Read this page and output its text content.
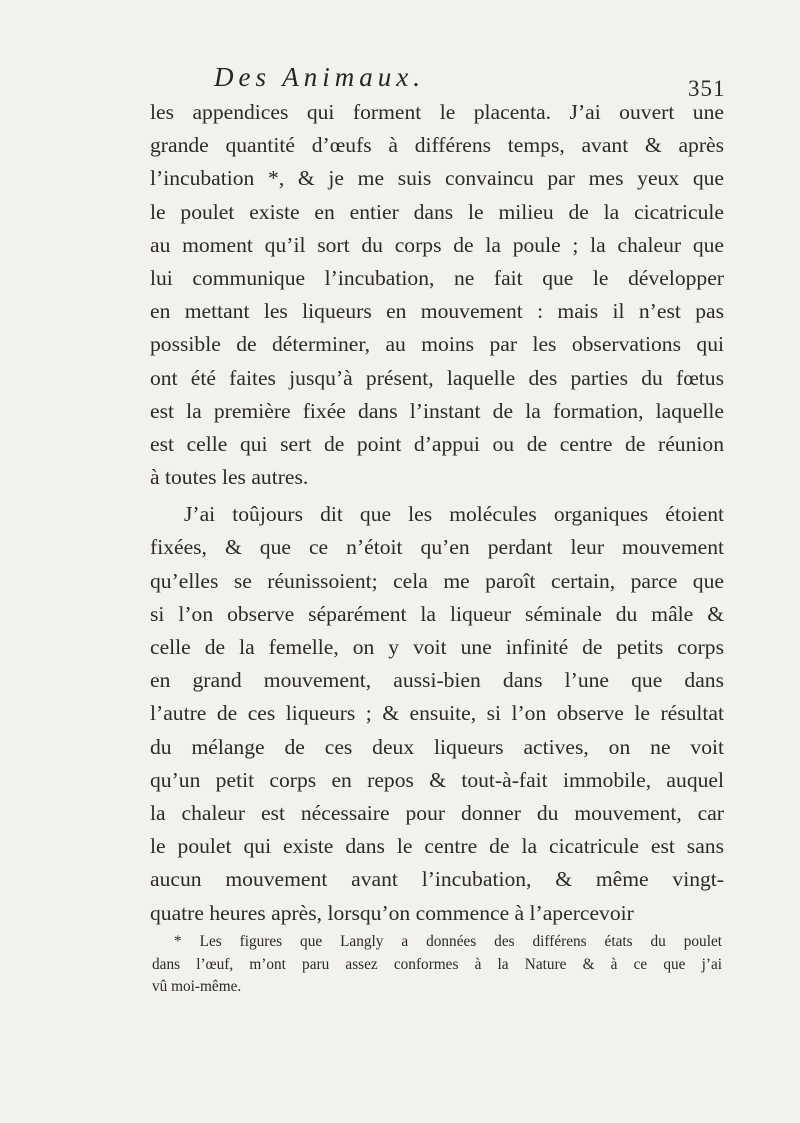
Des Animaux.	351
les appendices qui forment le placenta. J’ai ouvert une
grande quantité d’œufs à différens temps, avant & après
l’incubation *, & je me suis convaincu par mes yeux que
le poulet existe en entier dans le milieu de la cicatricule
au moment qu’il sort du corps de la poule ; la chaleur que
lui communique l’incubation, ne fait que le développer
en mettant les liqueurs en mouvement : mais il n’est pas
possible de déterminer, au moins par les observations qui
ont été faites jusqu’à présent, laquelle des parties du fœtus
est la première fixée dans l’instant de la formation, laquelle
est celle qui sert de point d’appui ou de centre de réunion
à toutes les autres.
J’ai toûjours dit que les molécules organiques étoient
fixées, & que ce n’étoit qu’en perdant leur mouvement
qu’elles se réunissoient; cela me paroît certain, parce que
si l’on observe séparément la liqueur séminale du mâle &
celle de la femelle, on y voit une infinité de petits corps
en grand mouvement, aussi-bien dans l’une que dans
l’autre de ces liqueurs ; & ensuite, si l’on observe le résultat
du mélange de ces deux liqueurs actives, on ne voit
qu’un petit corps en repos & tout-à-fait immobile, auquel
la chaleur est nécessaire pour donner du mouvement, car
le poulet qui existe dans le centre de la cicatricule est sans
aucun mouvement avant l’incubation, & même vingt-
quatre heures après, lorsqu’on commence à l’apercevoir
* Les figures que Langly a données des différens états du poulet
dans l’œuf, m’ont paru assez conformes à la Nature & à ce que j’ai
vû moi-même.
